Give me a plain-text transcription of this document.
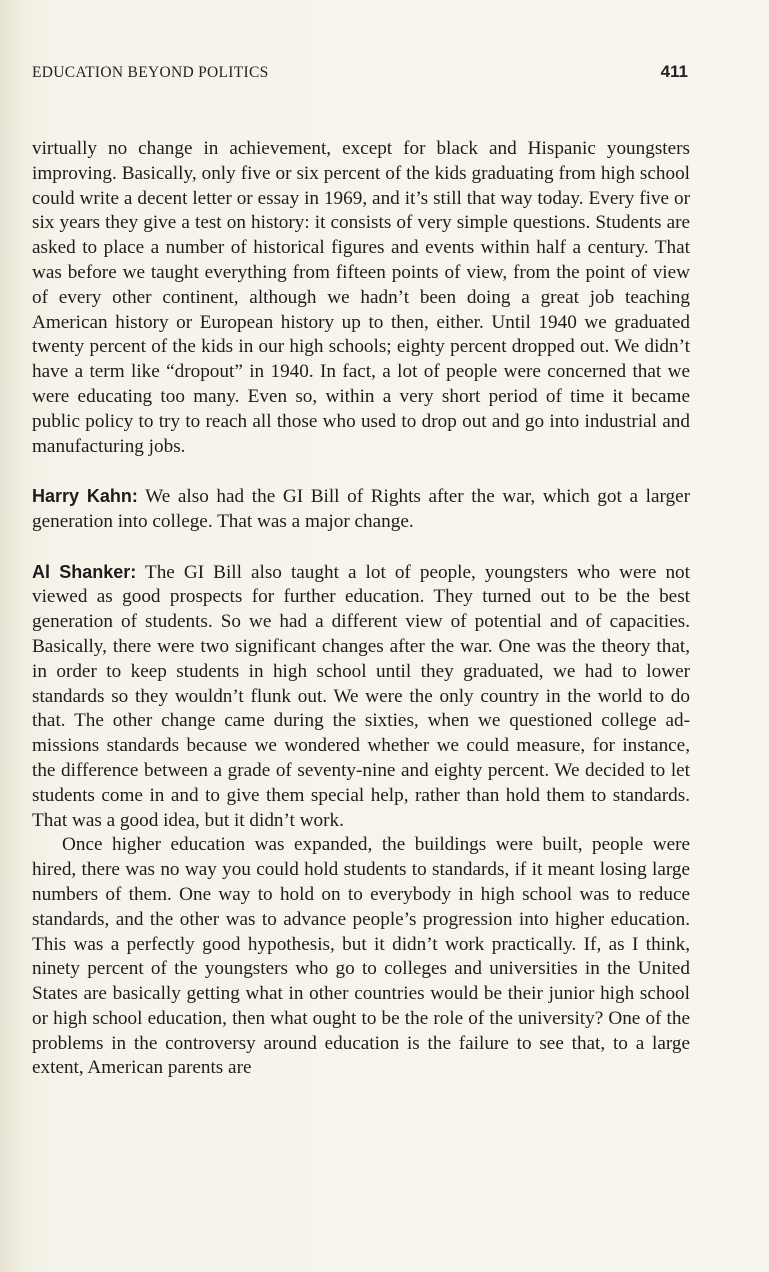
EDUCATION BEYOND POLITICS	411

virtually no change in achievement, except for black and Hispanic youngsters improving. Basically, only five or six percent of the kids graduating from high school could write a decent letter or essay in 1969, and it’s still that way today. Every five or six years they give a test on history: it consists of very simple questions. Students are asked to place a number of historical figures and events within half a century. That was before we taught everything from fifteen points of view, from the point of view of every other continent, although we hadn’t been doing a great job teaching American history or European history up to then, either. Until 1940 we graduated twenty percent of the kids in our high schools; eighty percent dropped out. We didn’t have a term like “dropout” in 1940. In fact, a lot of people were concerned that we were educating too many. Even so, within a very short period of time it became public policy to try to reach all those who used to drop out and go into industrial and manufacturing jobs.

Harry Kahn: We also had the GI Bill of Rights after the war, which got a larger generation into college. That was a major change.

Al Shanker: The GI Bill also taught a lot of people, youngsters who were not viewed as good prospects for further education. They turned out to be the best generation of students. So we had a different view of potential and of capacities. Basically, there were two significant changes after the war. One was the theory that, in order to keep students in high school until they graduated, we had to lower standards so they wouldn’t flunk out. We were the only country in the world to do that. The other change came during the sixties, when we questioned college admissions standards because we wondered whether we could measure, for instance, the difference between a grade of seventy-nine and eighty percent. We decided to let students come in and to give them special help, rather than hold them to standards. That was a good idea, but it didn’t work.

Once higher education was expanded, the buildings were built, people were hired, there was no way you could hold students to standards, if it meant losing large numbers of them. One way to hold on to everybody in high school was to reduce standards, and the other was to advance people’s progression into higher education. This was a perfectly good hypothesis, but it didn’t work practically. If, as I think, ninety percent of the youngsters who go to colleges and universities in the United States are basically getting what in other countries would be their junior high school or high school education, then what ought to be the role of the university? One of the problems in the controversy around education is the failure to see that, to a large extent, American parents are
